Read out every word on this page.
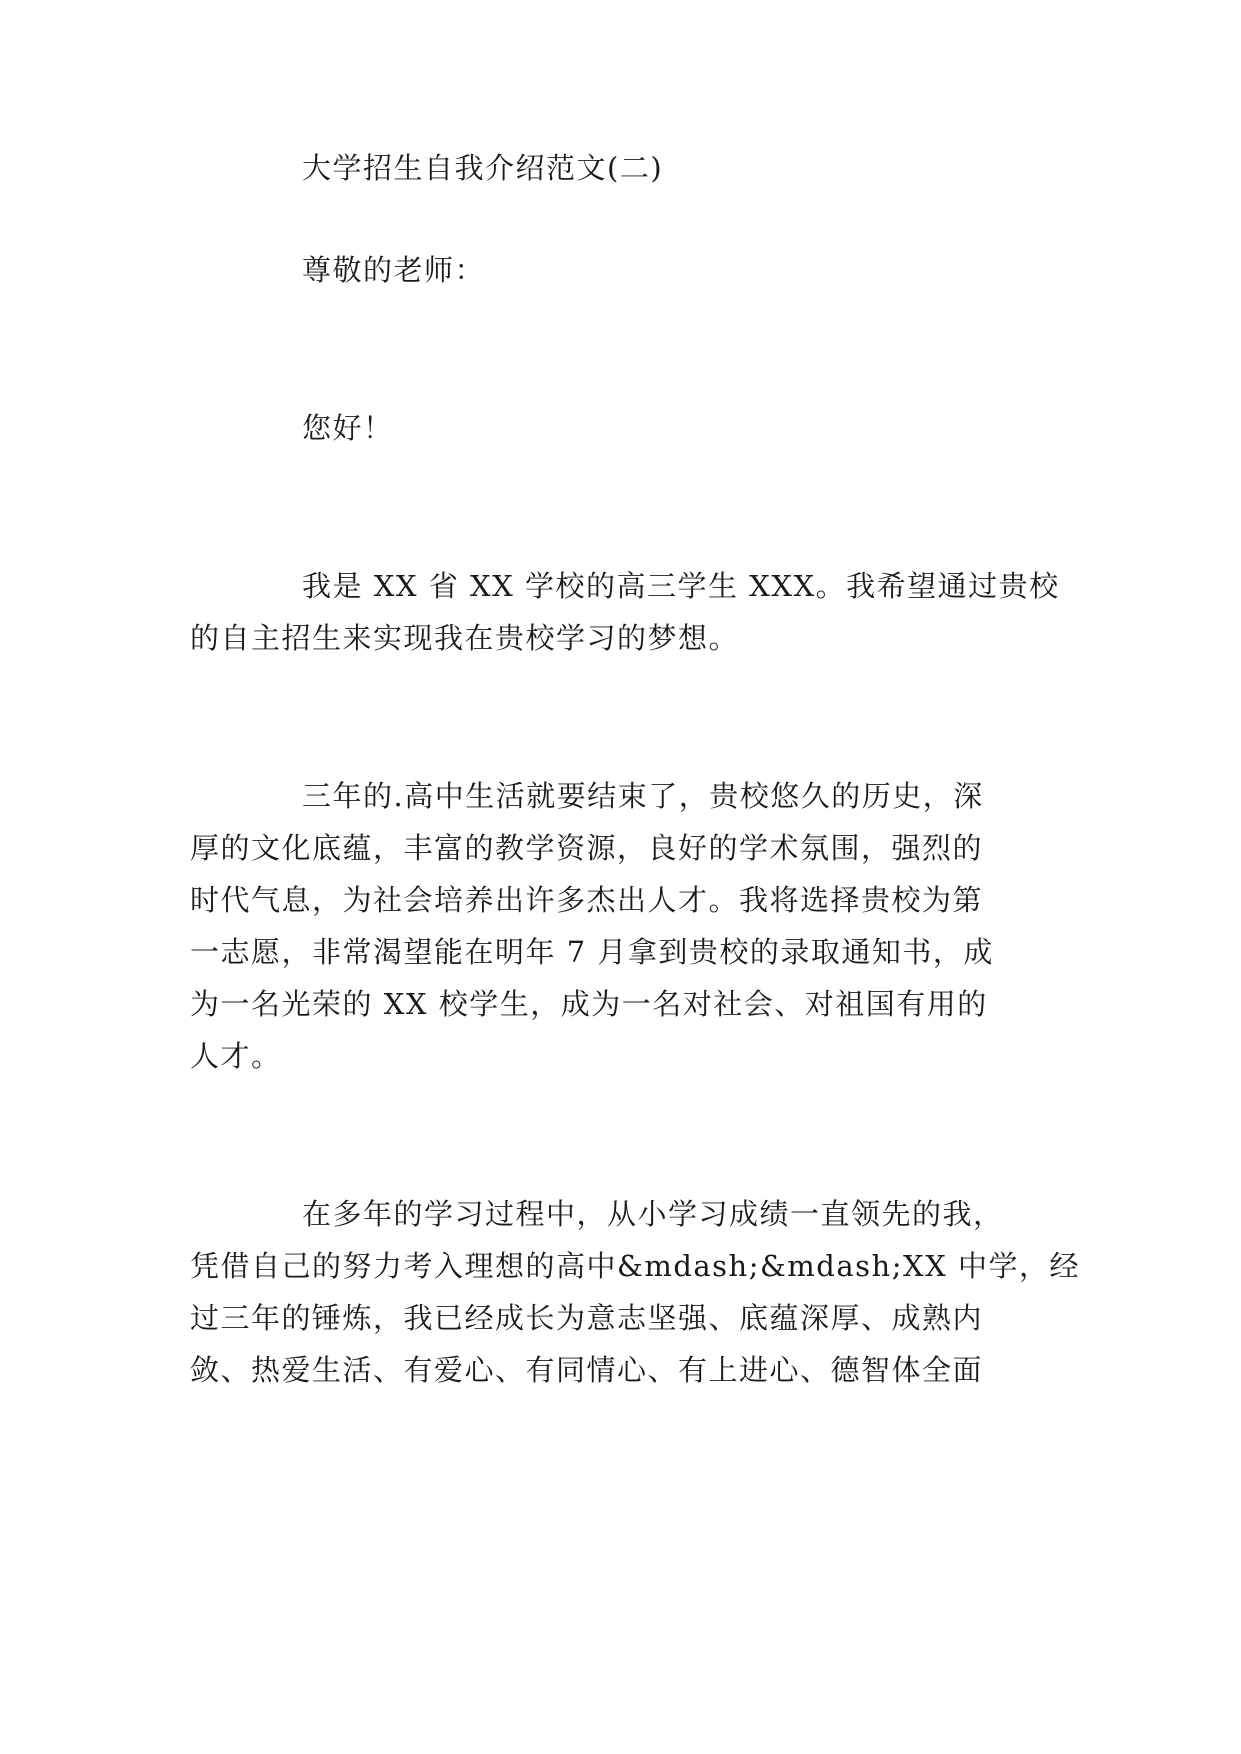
大学招生自我介绍范文(二)

尊敬的老师：

您好！

我是 XX 省 XX 学校的高三学生 XXX。我希望通过贵校

的自主招生来实现我在贵校学习的梦想。

三年的.高中生活就要结束了，贵校悠久的历史，深

厚的文化底蕴，丰富的教学资源，良好的学术氛围，强烈的

时代气息，为社会培养出许多杰出人才。我将选择贵校为第

一志愿，非常渴望能在明年 7 月拿到贵校的录取通知书，成

为一名光荣的 XX 校学生，成为一名对社会、对祖国有用的

人才。

在多年的学习过程中，从小学习成绩一直领先的我，

凭借自己的努力考入理想的高中&mdash;&mdash;XX 中学，经

过三年的锤炼，我已经成长为意志坚强、底蕴深厚、成熟内

敛、热爱生活、有爱心、有同情心、有上进心、德智体全面
